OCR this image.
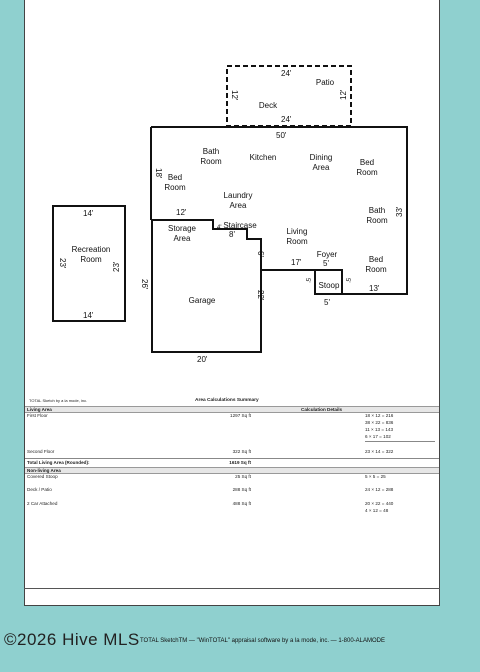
Patio
Deck
Bath
Room	Kitchen	Dining
Area
Bed
Room
Bed
Room
Laundry
Area
Bath
Room
Storage
Area
Staircase
Living
Room
Foyer
Bed
Room
Stoop
Garage
Recreation
Room
24'
24'
12'	12'
50'
18'
33'
12'
4'
8'
6'
17'	5'
5'	5'
5'
13'
26'
22'
20'
14'
14'
23'	23'
TOTAL Sketch by a la mode, inc.	Area Calculations Summary
Living Area	Calculation Details
First Floor	1297 Sq ft	18 × 12 = 216
38 × 22 = 836
11 × 13 = 143
6 × 17 = 102
Second Floor	322 Sq ft	23 × 14 = 322
Total Living Area (Rounded):	1619 Sq ft
Non-living Area
Covered Stoop	25 Sq ft	5 × 5 = 25
Deck / Patio	288 Sq ft	24 × 12 = 288
2 Car Attached	488 Sq ft	20 × 22 = 440
4 × 12 = 48
TOTAL SketchTM — "WinTOTAL" appraisal software by a la mode, inc. — 1-800-ALAMODE
©2026 Hive MLS
